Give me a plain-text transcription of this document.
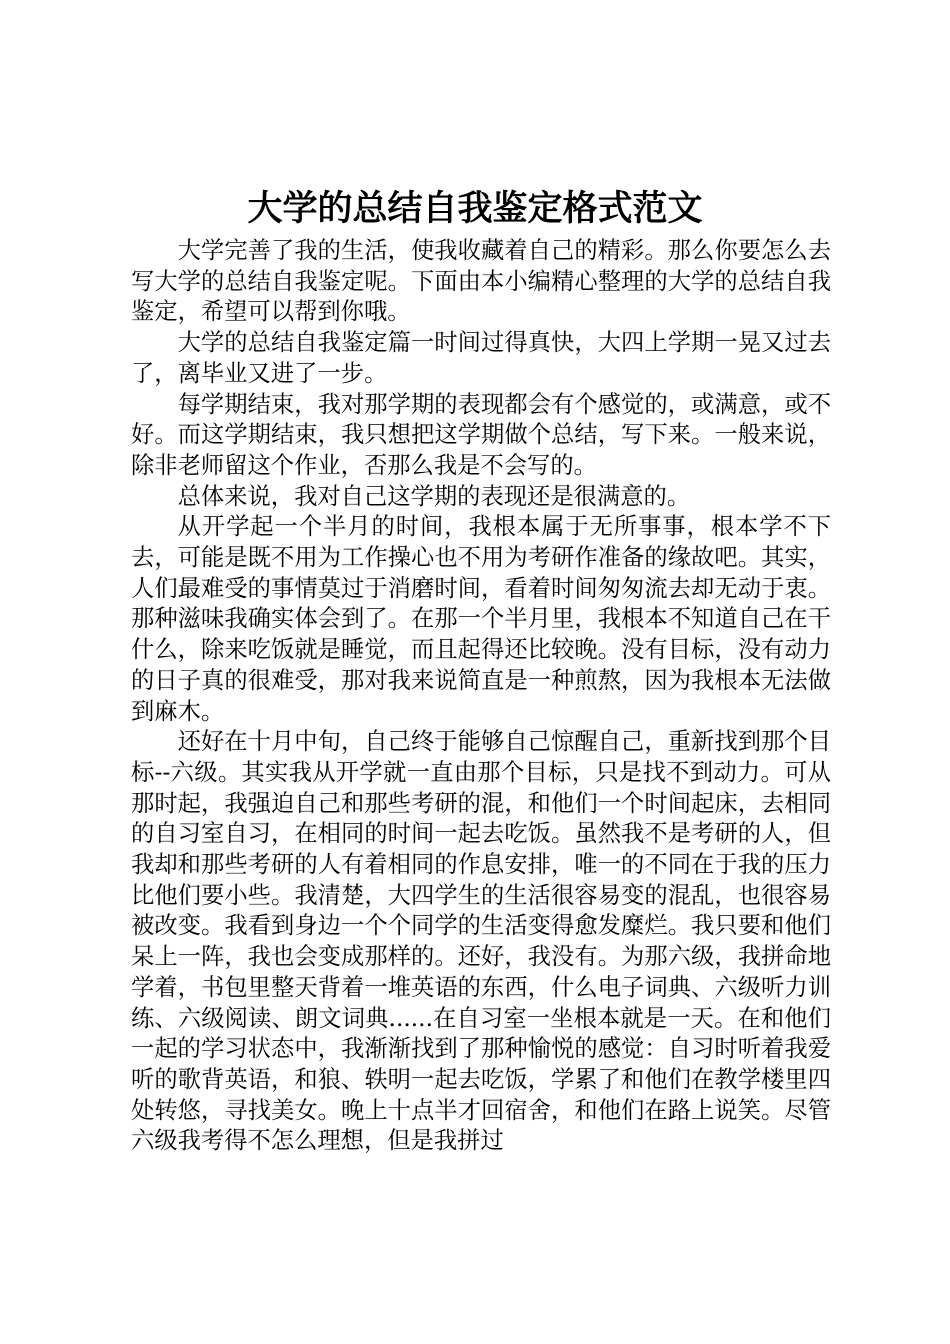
大学的总结自我鉴定格式范文

大学完善了我的生活，使我收藏着自己的精彩。那么你要怎么去写大学的总结自我鉴定呢。下面由本小编精心整理的大学的总结自我鉴定，希望可以帮到你哦。

大学的总结自我鉴定篇一时间过得真快，大四上学期一晃又过去了，离毕业又进了一步。

每学期结束，我对那学期的表现都会有个感觉的，或满意，或不好。而这学期结束，我只想把这学期做个总结，写下来。一般来说，除非老师留这个作业，否那么我是不会写的。

总体来说，我对自己这学期的表现还是很满意的。

从开学起一个半月的时间，我根本属于无所事事，根本学不下去，可能是既不用为工作操心也不用为考研作准备的缘故吧。其实，人们最难受的事情莫过于消磨时间，看着时间匆匆流去却无动于衷。那种滋味我确实体会到了。在那一个半月里，我根本不知道自己在干什么，除来吃饭就是睡觉，而且起得还比较晚。没有目标，没有动力的日子真的很难受，那对我来说简直是一种煎熬，因为我根本无法做到麻木。

还好在十月中旬，自己终于能够自己惊醒自己，重新找到那个目标--六级。其实我从开学就一直由那个目标，只是找不到动力。可从那时起，我强迫自己和那些考研的混，和他们一个时间起床，去相同的自习室自习，在相同的时间一起去吃饭。虽然我不是考研的人，但我却和那些考研的人有着相同的作息安排，唯一的不同在于我的压力比他们要小些。我清楚，大四学生的生活很容易变的混乱，也很容易被改变。我看到身边一个个同学的生活变得愈发糜烂。我只要和他们呆上一阵，我也会变成那样的。还好，我没有。为那六级，我拼命地学着，书包里整天背着一堆英语的东西，什么电子词典、六级听力训练、六级阅读、朗文词典......在自习室一坐根本就是一天。在和他们一起的学习状态中，我渐渐找到了那种愉悦的感觉：自习时听着我爱听的歌背英语，和狼、轶明一起去吃饭，学累了和他们在教学楼里四处转悠，寻找美女。晚上十点半才回宿舍，和他们在路上说笑。尽管六级我考得不怎么理想，但是我拼过
